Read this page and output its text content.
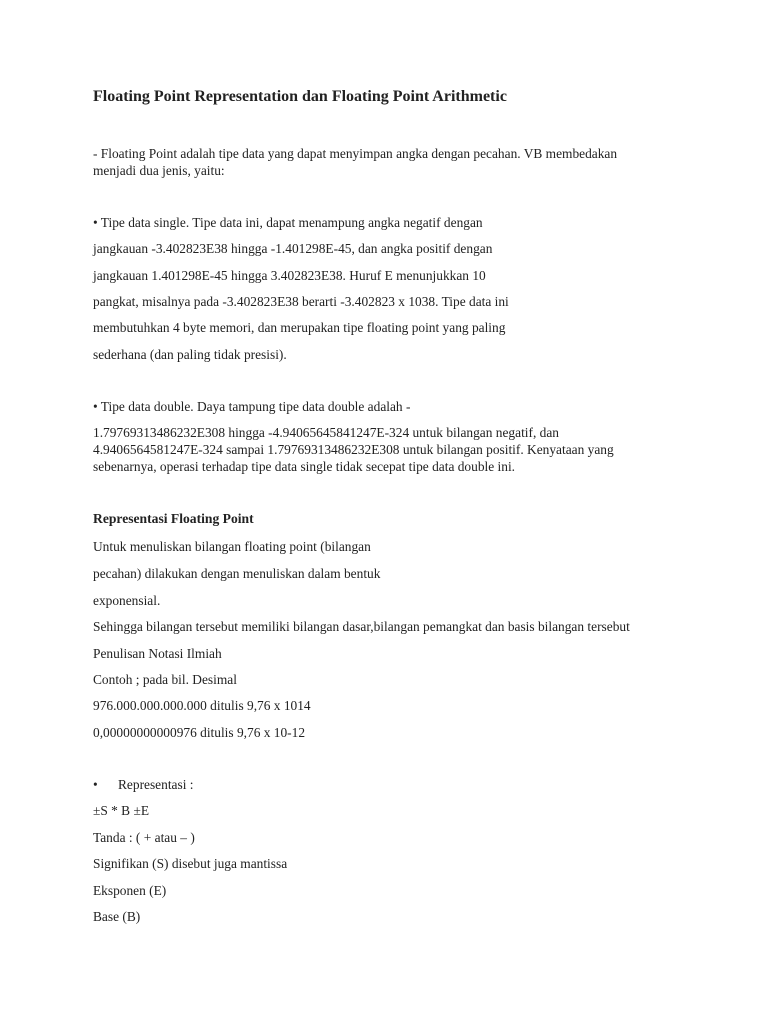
Floating Point Representation dan Floating Point Arithmetic
- Floating Point adalah tipe data yang dapat menyimpan angka dengan pecahan. VB membedakan
menjadi dua jenis, yaitu:
• Tipe data single. Tipe data ini, dapat menampung angka negatif dengan
jangkauan -3.402823E38 hingga -1.401298E-45, dan angka positif dengan
jangkauan 1.401298E-45 hingga 3.402823E38. Huruf E menunjukkan 10
pangkat, misalnya pada -3.402823E38 berarti -3.402823 x 1038. Tipe data ini
membutuhkan 4 byte memori, dan merupakan tipe floating point yang paling
sederhana (dan paling tidak presisi).
• Tipe data double. Daya tampung tipe data double adalah -
1.79769313486232E308 hingga -4.94065645841247E-324 untuk bilangan negatif, dan
4.9406564581247E-324 sampai 1.79769313486232E308 untuk bilangan positif. Kenyataan yang
sebenarnya, operasi terhadap tipe data single tidak secepat tipe data double ini.
Representasi Floating Point
Untuk menuliskan bilangan floating point (bilangan
pecahan) dilakukan dengan menuliskan dalam bentuk
exponensial.
Sehingga bilangan tersebut memiliki bilangan dasar,bilangan pemangkat dan basis bilangan tersebut
Penulisan Notasi Ilmiah
Contoh ; pada bil. Desimal
976.000.000.000.000 ditulis 9,76 x 1014
0,00000000000976 ditulis 9,76 x 10-12
• Representasi :
±S * B ±E
Tanda : ( + atau – )
Signifikan (S) disebut juga mantissa
Eksponen (E)
Base (B)
